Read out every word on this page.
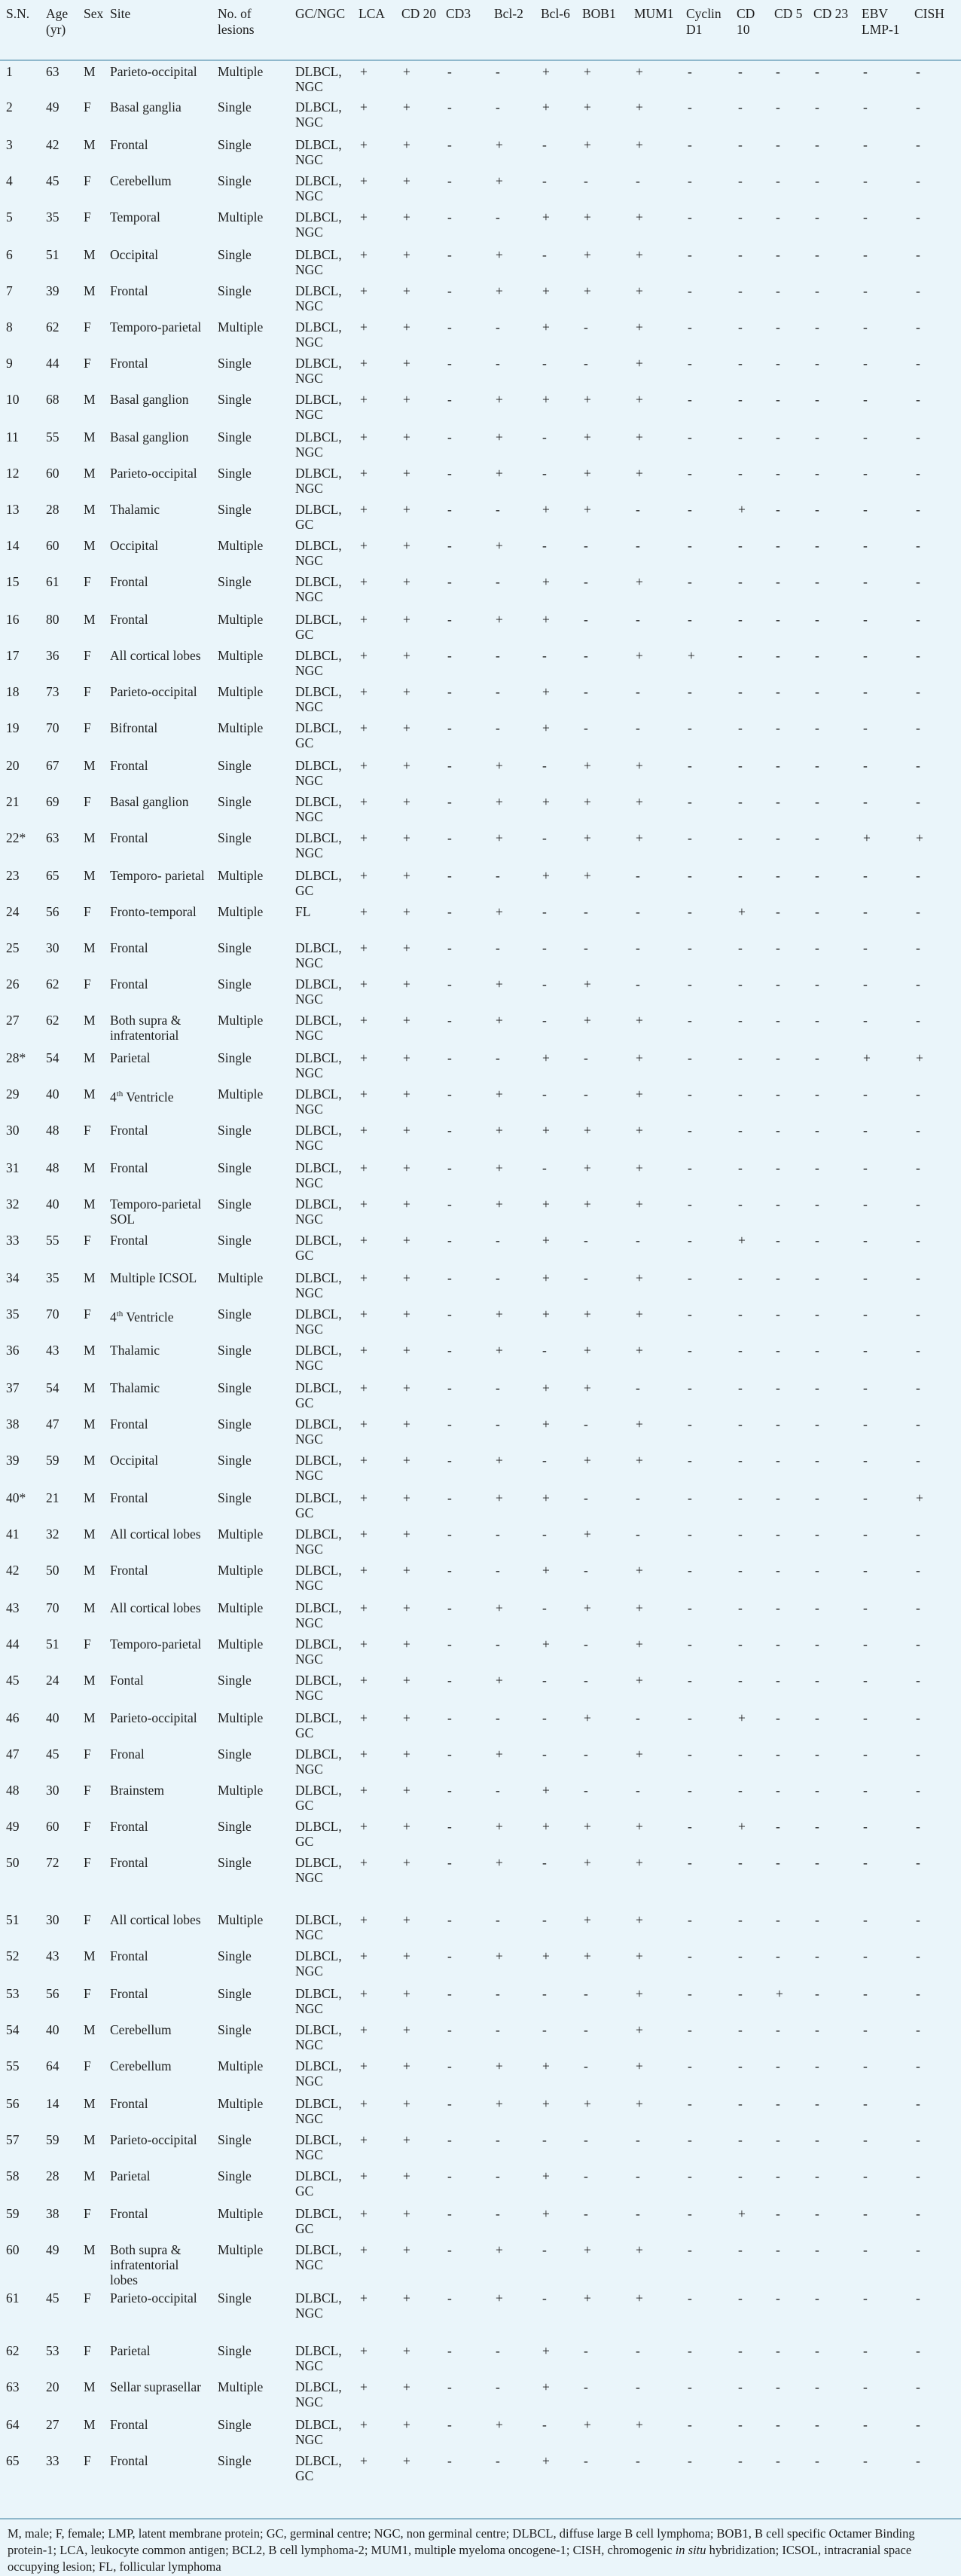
S.N.	Age (yr)	Sex	Site	No. of lesions	GC/NGC	LCA	CD 20	CD3	Bcl-2	Bcl-6	BOB1	MUM1	Cyclin D1	CD 10	CD 5	CD 23	EBV LMP-1	CISH
1	63	M	Parieto-occipital	Multiple	DLBCL, NGC	+	+	-	-	+	+	+	-	-	-	-	-	-
2	49	F	Basal ganglia	Single	DLBCL, NGC	+	+	-	-	+	+	+	-	-	-	-	-	-
3	42	M	Frontal	Single	DLBCL, NGC	+	+	-	+	-	+	+	-	-	-	-	-	-
4	45	F	Cerebellum	Single	DLBCL, NGC	+	+	-	+	-	-	-	-	-	-	-	-	-
5	35	F	Temporal	Multiple	DLBCL, NGC	+	+	-	-	+	+	+	-	-	-	-	-	-
6	51	M	Occipital	Single	DLBCL, NGC	+	+	-	+	-	+	+	-	-	-	-	-	-
7	39	M	Frontal	Single	DLBCL, NGC	+	+	-	+	+	+	+	-	-	-	-	-	-
8	62	F	Temporo-parietal	Multiple	DLBCL, NGC	+	+	-	-	+	-	+	-	-	-	-	-	-
9	44	F	Frontal	Single	DLBCL, NGC	+	+	-	-	-	-	+	-	-	-	-	-	-
10	68	M	Basal ganglion	Single	DLBCL, NGC	+	+	-	+	+	+	+	-	-	-	-	-	-
11	55	M	Basal ganglion	Single	DLBCL, NGC	+	+	-	+	-	+	+	-	-	-	-	-	-
12	60	M	Parieto-occipital	Single	DLBCL, NGC	+	+	-	+	-	+	+	-	-	-	-	-	-
13	28	M	Thalamic	Single	DLBCL, GC	+	+	-	-	+	+	-	-	+	-	-	-	-
14	60	M	Occipital	Multiple	DLBCL, NGC	+	+	-	+	-	-	-	-	-	-	-	-	-
15	61	F	Frontal	Single	DLBCL, NGC	+	+	-	-	+	-	+	-	-	-	-	-	-
16	80	M	Frontal	Multiple	DLBCL, GC	+	+	-	+	+	-	-	-	-	-	-	-	-
17	36	F	All cortical lobes	Multiple	DLBCL, NGC	+	+	-	-	-	-	+	+	-	-	-	-	-
18	73	F	Parieto-occipital	Multiple	DLBCL, NGC	+	+	-	-	+	-	-	-	-	-	-	-	-
19	70	F	Bifrontal	Multiple	DLBCL, GC	+	+	-	-	+	-	-	-	-	-	-	-	-
20	67	M	Frontal	Single	DLBCL, NGC	+	+	-	+	-	+	+	-	-	-	-	-	-
21	69	F	Basal ganglion	Single	DLBCL, NGC	+	+	-	+	+	+	+	-	-	-	-	-	-
22*	63	M	Frontal	Single	DLBCL, NGC	+	+	-	+	-	+	+	-	-	-	-	+	+
23	65	M	Temporo- parietal	Multiple	DLBCL, GC	+	+	-	-	+	+	-	-	-	-	-	-	-
24	56	F	Fronto-temporal	Multiple	FL	+	+	-	+	-	-	-	-	+	-	-	-	-
25	30	M	Frontal	Single	DLBCL, NGC	+	+	-	-	-	-	-	-	-	-	-	-	-
26	62	F	Frontal	Single	DLBCL, NGC	+	+	-	+	-	+	-	-	-	-	-	-	-
27	62	M	Both supra & infratentorial	Multiple	DLBCL, NGC	+	+	-	+	-	+	+	-	-	-	-	-	-
28*	54	M	Parietal	Single	DLBCL, NGC	+	+	-	-	+	-	+	-	-	-	-	+	+
29	40	M	4th Ventricle	Multiple	DLBCL, NGC	+	+	-	+	-	-	+	-	-	-	-	-	-
30	48	F	Frontal	Single	DLBCL, NGC	+	+	-	+	+	+	+	-	-	-	-	-	-
31	48	M	Frontal	Single	DLBCL, NGC	+	+	-	+	-	+	+	-	-	-	-	-	-
32	40	M	Temporo-parietal SOL	Single	DLBCL, NGC	+	+	-	+	+	+	+	-	-	-	-	-	-
33	55	F	Frontal	Single	DLBCL, GC	+	+	-	-	+	-	-	-	+	-	-	-	-
34	35	M	Multiple ICSOL	Multiple	DLBCL, NGC	+	+	-	-	+	-	+	-	-	-	-	-	-
35	70	F	4th Ventricle	Single	DLBCL, NGC	+	+	-	+	+	+	+	-	-	-	-	-	-
36	43	M	Thalamic	Single	DLBCL, NGC	+	+	-	+	-	+	+	-	-	-	-	-	-
37	54	M	Thalamic	Single	DLBCL, GC	+	+	-	-	+	+	-	-	-	-	-	-	-
38	47	M	Frontal	Single	DLBCL, NGC	+	+	-	-	+	-	+	-	-	-	-	-	-
39	59	M	Occipital	Single	DLBCL, NGC	+	+	-	+	-	+	+	-	-	-	-	-	-
40*	21	M	Frontal	Single	DLBCL, GC	+	+	-	+	+	-	-	-	-	-	-	-	+
41	32	M	All cortical lobes	Multiple	DLBCL, NGC	+	+	-	-	-	+	-	-	-	-	-	-	-
42	50	M	Frontal	Multiple	DLBCL, NGC	+	+	-	-	+	-	+	-	-	-	-	-	-
43	70	M	All cortical lobes	Multiple	DLBCL, NGC	+	+	-	+	-	+	+	-	-	-	-	-	-
44	51	F	Temporo-parietal	Multiple	DLBCL, NGC	+	+	-	-	+	-	+	-	-	-	-	-	-
45	24	M	Fontal	Single	DLBCL, NGC	+	+	-	+	-	-	+	-	-	-	-	-	-
46	40	M	Parieto-occipital	Multiple	DLBCL, GC	+	+	-	-	-	+	-	-	+	-	-	-	-
47	45	F	Fronal	Single	DLBCL, NGC	+	+	-	+	-	-	+	-	-	-	-	-	-
48	30	F	Brainstem	Multiple	DLBCL, GC	+	+	-	-	+	-	-	-	-	-	-	-	-
49	60	F	Frontal	Single	DLBCL, GC	+	+	-	+	+	+	+	-	+	-	-	-	-
50	72	F	Frontal	Single	DLBCL, NGC	+	+	-	+	-	+	+	-	-	-	-	-	-
51	30	F	All cortical lobes	Multiple	DLBCL, NGC	+	+	-	-	-	+	+	-	-	-	-	-	-
52	43	M	Frontal	Single	DLBCL, NGC	+	+	-	+	+	+	+	-	-	-	-	-	-
53	56	F	Frontal	Single	DLBCL, NGC	+	+	-	-	-	-	+	-	-	+	-	-	-
54	40	M	Cerebellum	Single	DLBCL, NGC	+	+	-	-	-	-	+	-	-	-	-	-	-
55	64	F	Cerebellum	Multiple	DLBCL, NGC	+	+	-	+	+	-	+	-	-	-	-	-	-
56	14	M	Frontal	Multiple	DLBCL, NGC	+	+	-	+	+	+	+	-	-	-	-	-	-
57	59	M	Parieto-occipital	Single	DLBCL, NGC	+	+	-	-	-	-	-	-	-	-	-	-	-
58	28	M	Parietal	Single	DLBCL, GC	+	+	-	-	+	-	-	-	-	-	-	-	-
59	38	F	Frontal	Multiple	DLBCL, GC	+	+	-	-	+	-	-	-	+	-	-	-	-
60	49	M	Both supra & infratentorial lobes	Multiple	DLBCL, NGC	+	+	-	+	-	+	+	-	-	-	-	-	-
61	45	F	Parieto-occipital	Single	DLBCL, NGC	+	+	-	+	-	+	+	-	-	-	-	-	-
62	53	F	Parietal	Single	DLBCL, NGC	+	+	-	-	+	-	-	-	-	-	-	-	-
63	20	M	Sellar suprasellar	Multiple	DLBCL, NGC	+	+	-	-	+	-	-	-	-	-	-	-	-
64	27	M	Frontal	Single	DLBCL, NGC	+	+	-	+	-	+	+	-	-	-	-	-	-
65	33	F	Frontal	Single	DLBCL, GC	+	+	-	-	+	-	-	-	-	-	-	-	-
M, male; F, female; LMP, latent membrane protein; GC, germinal centre; NGC, non germinal centre; DLBCL, diffuse large B cell lymphoma; BOB1, B cell specific Octamer Binding protein-1; LCA, leukocyte common antigen; BCL2, B cell lymphoma-2; MUM1, multiple myeloma oncogene-1; CISH, chromogenic in situ hybridization; ICSOL, intracranial space occupying lesion; FL, follicular lymphoma
